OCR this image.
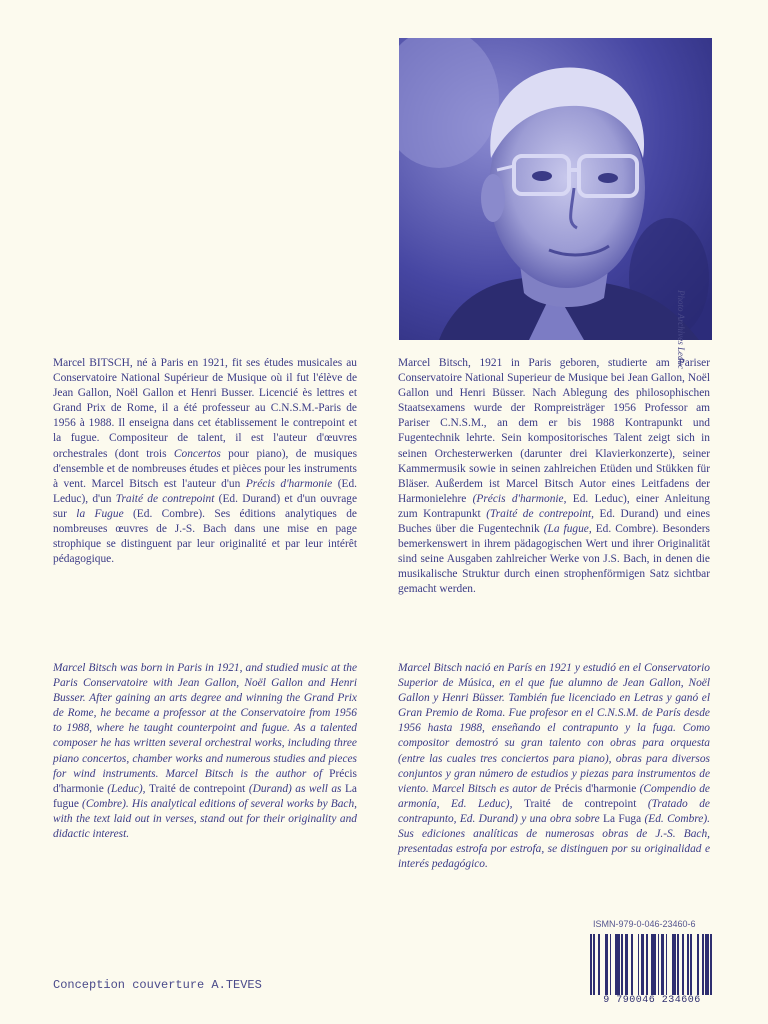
Photo Archives Leduc

Marcel BITSCH, né à Paris en 1921, fit ses études musicales au Conservatoire National Supérieur de Musique où il fut l'élève de Jean Gallon, Noël Gallon et Henri Busser. Licencié ès lettres et Grand Prix de Rome, il a été professeur au C.N.S.M.-Paris de 1956 à 1988. Il enseigna dans cet établissement le contrepoint et la fugue. Compositeur de talent, il est l'auteur d'œuvres orchestrales (dont trois Concertos pour piano), de musiques d'ensemble et de nombreuses études et pièces pour les instruments à vent. Marcel Bitsch est l'auteur d'un Précis d'harmonie (Ed. Leduc), d'un Traité de contrepoint (Ed. Durand) et d'un ouvrage sur la Fugue (Ed. Combre). Ses éditions analytiques de nombreuses œuvres de J.-S. Bach dans une mise en page strophique se distinguent par leur originalité et par leur intérêt pédagogique.

Marcel Bitsch, 1921 in Paris geboren, studierte am Pariser Conservatoire National Superieur de Musique bei Jean Gallon, Noël Gallon und Henri Büsser. Nach Ablegung des philosophischen Staatsexamens wurde der Rompreisträger 1956 Professor am Pariser C.N.S.M., an dem er bis 1988 Kontrapunkt und Fugentechnik lehrte. Sein kompositorisches Talent zeigt sich in seinen Orchesterwerken (darunter drei Klavierkonzerte), seiner Kammermusik sowie in seinen zahlreichen Etüden und Stükken für Bläser. Außerdem ist Marcel Bitsch Autor eines Leitfadens der Harmonielehre (Précis d'harmonie, Ed. Leduc), einer Anleitung zum Kontrapunkt (Traité de contrepoint, Ed. Durand) und eines Buches über die Fugentechnik (La fugue, Ed. Combre). Besonders bemerkenswert in ihrem pädagogischen Wert und ihrer Originalität sind seine Ausgaben zahlreicher Werke von J.S. Bach, in denen die musikalische Struktur durch einen strophenförmigen Satz sichtbar gemacht werden.

Marcel Bitsch was born in Paris in 1921, and studied music at the Paris Conservatoire with Jean Gallon, Noël Gallon and Henri Busser. After gaining an arts degree and winning the Grand Prix de Rome, he became a professor at the Conservatoire from 1956 to 1988, where he taught counterpoint and fugue. As a talented composer he has written several orchestral works, including three piano concertos, chamber works and numerous studies and pieces for wind instruments. Marcel Bitsch is the author of Précis d'harmonie (Leduc), Traité de contrepoint (Durand) as well as La fugue (Combre). His analytical editions of several works by Bach, with the text laid out in verses, stand out for their originality and didactic interest.

Marcel Bitsch nació en París en 1921 y estudió en el Conservatorio Superior de Música, en el que fue alumno de Jean Gallon, Noël Gallon y Henri Büsser. También fue licenciado en Letras y ganó el Gran Premio de Roma. Fue profesor en el C.N.S.M. de París desde 1956 hasta 1988, enseñando el contrapunto y la fuga. Como compositor demostró su gran talento con obras para orquesta (entre las cuales tres conciertos para piano), obras para diversos conjuntos y gran número de estudios y piezas para instrumentos de viento. Marcel Bitsch es autor de Précis d'harmonie (Compendio de armonía, Ed. Leduc), Traité de contrepoint (Tratado de contrapunto, Ed. Durand) y una obra sobre La Fuga (Ed. Combre). Sus ediciones analíticas de numerosas obras de J.-S. Bach, presentadas estrofa por estrofa, se distinguen por su originalidad e interés pedagógico.

ISMN-979-0-046-23460-6
9 790046 234606
Conception couverture A.TEVES
